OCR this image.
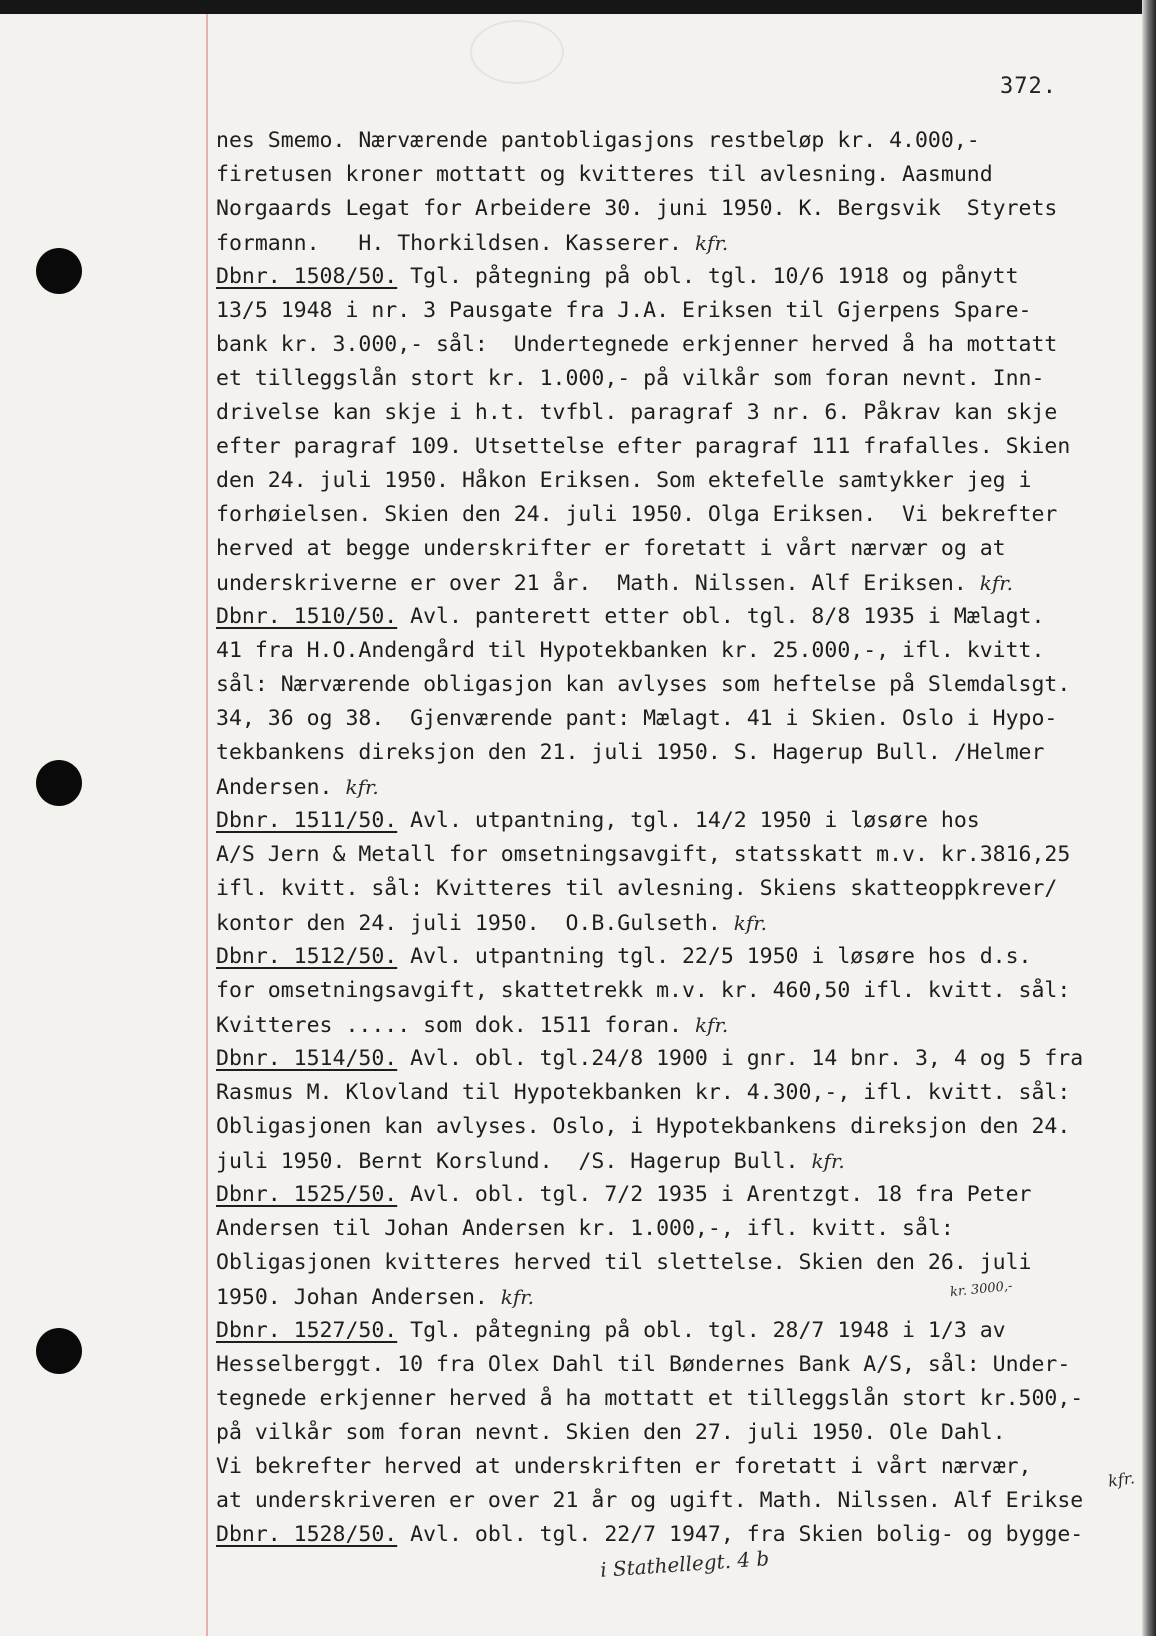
372.
nes Smemo. Nærværende pantobligasjons restbeløp kr. 4.000,-
firetusen kroner mottatt og kvitteres til avlesning. Aasmund
Norgaards Legat for Arbeidere 30. juni 1950. K. Bergsvik  Styrets
formann.   H. Thorkildsen. Kasserer. kfr.
Dbnr. 1508/50. Tgl. påtegning på obl. tgl. 10/6 1918 og pånytt
13/5 1948 i nr. 3 Pausgate fra J.A. Eriksen til Gjerpens Spare-
bank kr. 3.000,- sål:  Undertegnede erkjenner herved å ha mottatt
et tilleggslån stort kr. 1.000,- på vilkår som foran nevnt. Inn-
drivelse kan skje i h.t. tvfbl. paragraf 3 nr. 6. Påkrav kan skje
efter paragraf 109. Utsettelse efter paragraf 111 frafalles. Skien
den 24. juli 1950. Håkon Eriksen. Som ektefelle samtykker jeg i
forhøielsen. Skien den 24. juli 1950. Olga Eriksen.  Vi bekrefter
herved at begge underskrifter er foretatt i vårt nærvær og at
underskriverne er over 21 år.  Math. Nilssen. Alf Eriksen. kfr.
Dbnr. 1510/50. Avl. panterett etter obl. tgl. 8/8 1935 i Mælagt.
41 fra H.O.Andengård til Hypotekbanken kr. 25.000,-, ifl. kvitt.
sål: Nærværende obligasjon kan avlyses som heftelse på Slemdalsgt.
34, 36 og 38.  Gjenværende pant: Mælagt. 41 i Skien. Oslo i Hypo-
tekbankens direksjon den 21. juli 1950. S. Hagerup Bull. /Helmer
Andersen. kfr.
Dbnr. 1511/50. Avl. utpantning, tgl. 14/2 1950 i løsøre hos
A/S Jern & Metall for omsetningsavgift, statsskatt m.v. kr.3816,25
ifl. kvitt. sål: Kvitteres til avlesning. Skiens skatteoppkrever/
kontor den 24. juli 1950.  O.B.Gulseth. kfr.
Dbnr. 1512/50. Avl. utpantning tgl. 22/5 1950 i løsøre hos d.s.
for omsetningsavgift, skattetrekk m.v. kr. 460,50 ifl. kvitt. sål:
Kvitteres ..... som dok. 1511 foran. kfr.
Dbnr. 1514/50. Avl. obl. tgl.24/8 1900 i gnr. 14 bnr. 3, 4 og 5 fra
Rasmus M. Klovland til Hypotekbanken kr. 4.300,-, ifl. kvitt. sål:
Obligasjonen kan avlyses. Oslo, i Hypotekbankens direksjon den 24.
juli 1950. Bernt Korslund.  /S. Hagerup Bull. kfr.
Dbnr. 1525/50. Avl. obl. tgl. 7/2 1935 i Arentzgt. 18 fra Peter
Andersen til Johan Andersen kr. 1.000,-, ifl. kvitt. sål:
Obligasjonen kvitteres herved til slettelse. Skien den 26. juli
1950. Johan Andersen. kfr.
Dbnr. 1527/50. Tgl. påtegning på obl. tgl. 28/7 1948 i 1/3 av
Hesselberggt. 10 fra Olex Dahl til Bøndernes Bank A/S, sål: Under-
tegnede erkjenner herved å ha mottatt et tilleggslån stort kr.500,-
på vilkår som foran nevnt. Skien den 27. juli 1950. Ole Dahl.
Vi bekrefter herved at underskriften er foretatt i vårt nærvær,
at underskriveren er over 21 år og ugift. Math. Nilssen. Alf Erikse
Dbnr. 1528/50. Avl. obl. tgl. 22/7 1947, fra Skien bolig- og bygge-
kr. 3000,-
i Stathellegt. 4 b
kfr.
